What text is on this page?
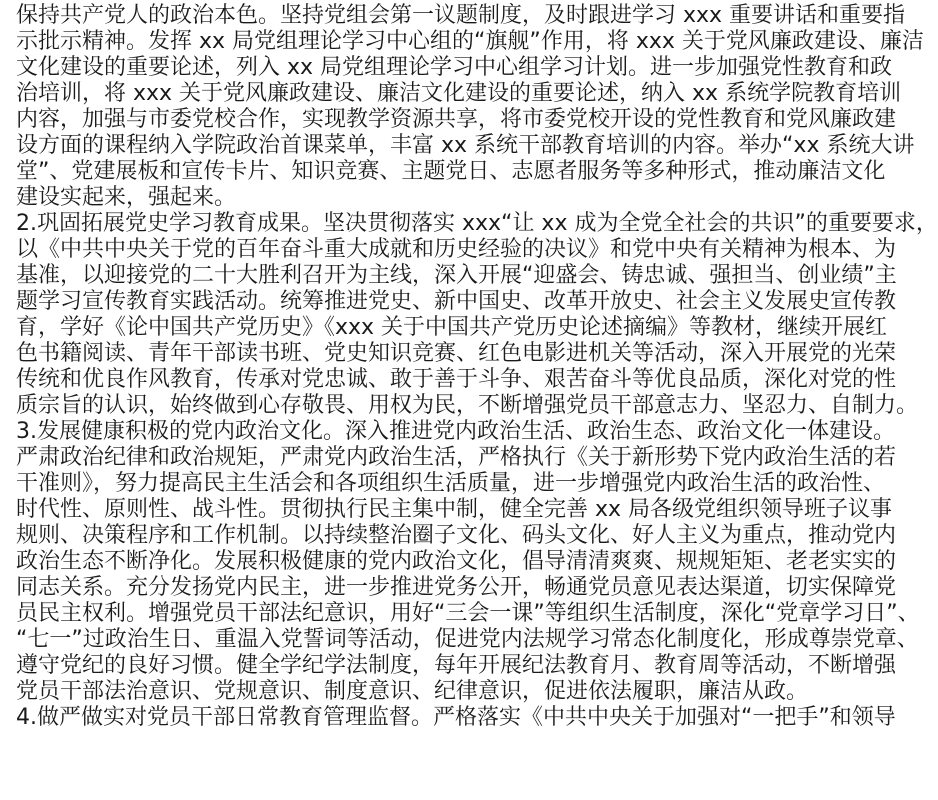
保持共产党人的政治本色。坚持党组会第一议题制度，及时跟进学习 xxx 重要讲话和重要指
示批示精神。发挥 xx 局党组理论学习中心组的“旗舰”作用，将 xxx 关于党风廉政建设、廉洁
文化建设的重要论述，列入 xx 局党组理论学习中心组学习计划。进一步加强党性教育和政
治培训，将 xxx 关于党风廉政建设、廉洁文化建设的重要论述，纳入 xx 系统学院教育培训
内容，加强与市委党校合作，实现教学资源共享，将市委党校开设的党性教育和党风廉政建
设方面的课程纳入学院政治首课菜单，丰富 xx 系统干部教育培训的内容。举办“xx 系统大讲
堂”、党建展板和宣传卡片、知识竞赛、主题党日、志愿者服务等多种形式，推动廉洁文化
建设实起来，强起来。
2.巩固拓展党史学习教育成果。坚决贯彻落实 xxx“让 xx 成为全党全社会的共识”的重要要求，
以《中共中央关于党的百年奋斗重大成就和历史经验的决议》和党中央有关精神为根本、为
基准，以迎接党的二十大胜利召开为主线，深入开展“迎盛会、铸忠诚、强担当、创业绩”主
题学习宣传教育实践活动。统筹推进党史、新中国史、改革开放史、社会主义发展史宣传教
育，学好《论中国共产党历史》《xxx 关于中国共产党历史论述摘编》等教材，继续开展红
色书籍阅读、青年干部读书班、党史知识竞赛、红色电影进机关等活动，深入开展党的光荣
传统和优良作风教育，传承对党忠诚、敢于善于斗争、艰苦奋斗等优良品质，深化对党的性
质宗旨的认识，始终做到心存敬畏、用权为民，不断增强党员干部意志力、坚忍力、自制力。
3.发展健康积极的党内政治文化。深入推进党内政治生活、政治生态、政治文化一体建设。
严肃政治纪律和政治规矩，严肃党内政治生活，严格执行《关于新形势下党内政治生活的若
干准则》，努力提高民主生活会和各项组织生活质量，进一步增强党内政治生活的政治性、
时代性、原则性、战斗性。贯彻执行民主集中制，健全完善 xx 局各级党组织领导班子议事
规则、决策程序和工作机制。以持续整治圈子文化、码头文化、好人主义为重点，推动党内
政治生态不断净化。发展积极健康的党内政治文化，倡导清清爽爽、规规矩矩、老老实实的
同志关系。充分发扬党内民主，进一步推进党务公开，畅通党员意见表达渠道，切实保障党
员民主权利。增强党员干部法纪意识，用好“三会一课”等组织生活制度，深化“党章学习日”、
“七一”过政治生日、重温入党誓词等活动，促进党内法规学习常态化制度化，形成尊崇党章、
遵守党纪的良好习惯。健全学纪学法制度，每年开展纪法教育月、教育周等活动，不断增强
党员干部法治意识、党规意识、制度意识、纪律意识，促进依法履职，廉洁从政。
4.做严做实对党员干部日常教育管理监督。严格落实《中共中央关于加强对“一把手”和领导
